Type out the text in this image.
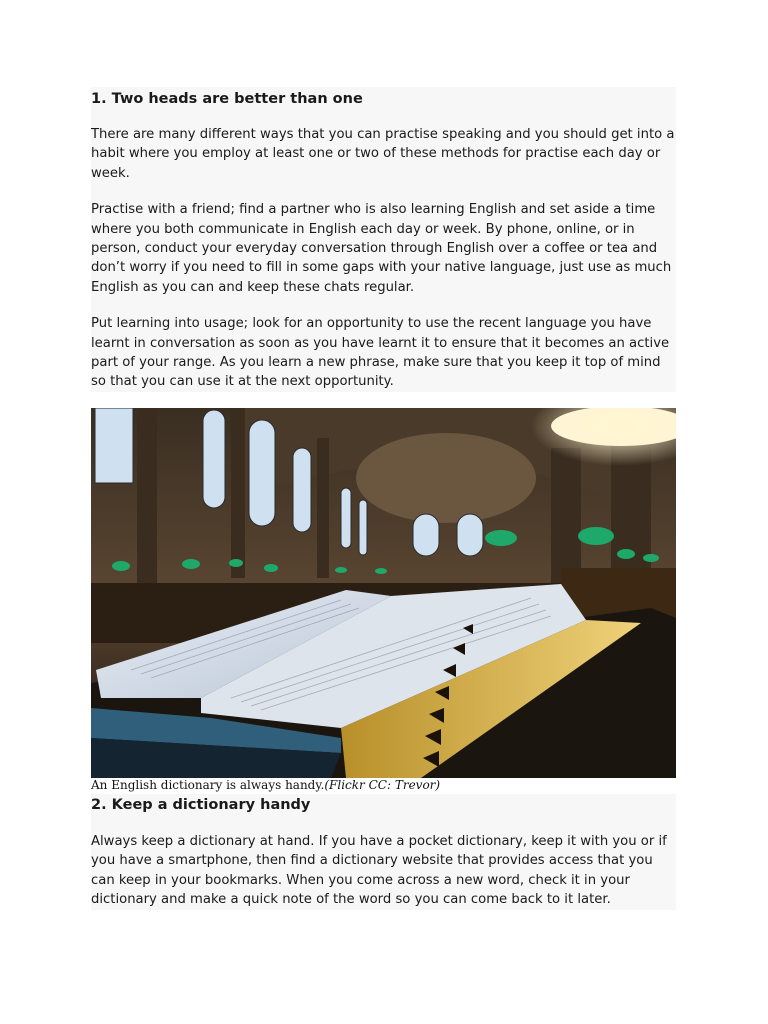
1. Two heads are better than one

There are many different ways that you can practise speaking and you should get into a habit where you employ at least one or two of these methods for practise each day or week.

Practise with a friend; find a partner who is also learning English and set aside a time where you both communicate in English each day or week. By phone, online, or in person, conduct your everyday conversation through English over a coffee or tea and don’t worry if you need to fill in some gaps with your native language, just use as much English as you can and keep these chats regular.

Put learning into usage; look for an opportunity to use the recent language you have learnt in conversation as soon as you have learnt it to ensure that it becomes an active part of your range. As you learn a new phrase, make sure that you keep it top of mind so that you can use it at the next opportunity.

An English dictionary is always handy.(Flickr CC: Trevor)
2. Keep a dictionary handy

Always keep a dictionary at hand. If you have a pocket dictionary, keep it with you or if you have a smartphone, then find a dictionary website that provides access that you can keep in your bookmarks. When you come across a new word, check it in your dictionary and make a quick note of the word so you can come back to it later.
